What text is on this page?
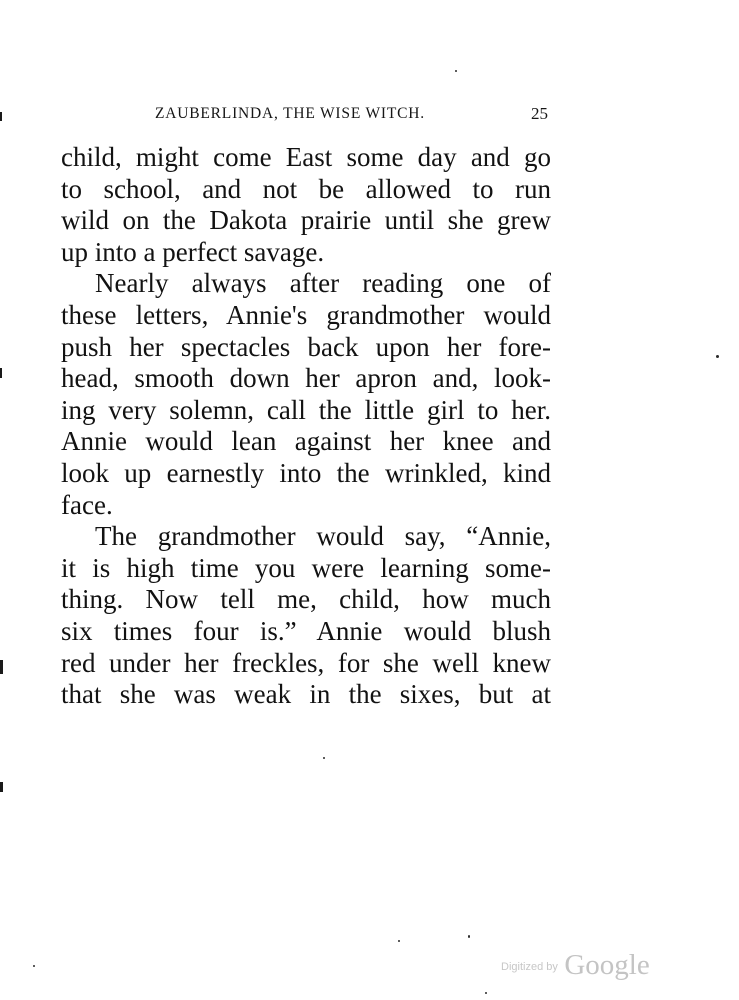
ZAUBERLINDA, THE WISE WITCH.	25
child, might come East some day and go
to school, and not be allowed to run
wild on the Dakota prairie until she grew
up into a perfect savage.
Nearly always after reading one of
these letters, Annie's grandmother would
push her spectacles back upon her fore-
head, smooth down her apron and, look-
ing very solemn, call the little girl to her.
Annie would lean against her knee and
look up earnestly into the wrinkled, kind
face.
The grandmother would say, “Annie,
it is high time you were learning some-
thing. Now tell me, child, how much
six times four is.” Annie would blush
red under her freckles, for she well knew
that she was weak in the sixes, but at
$^{Digitized by}$ Google
